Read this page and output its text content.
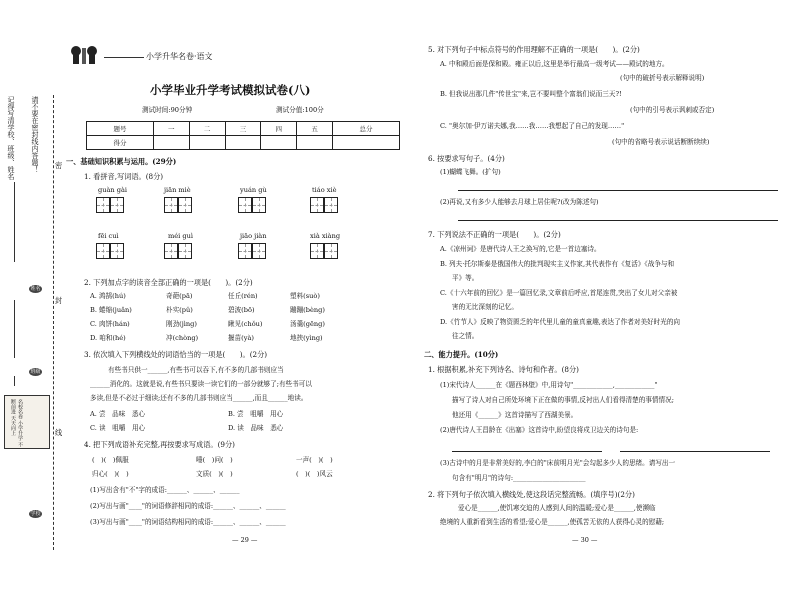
请不要在密封线内答题！
记得写清学校、班级、姓名
姓名
班级
名校名卷 小学升学 不断前进 天天向上
学校
密
封
线
小学升华名卷·语文
小学毕业升学考试模拟试卷(八)
测试时间:90分钟	测试分值:100分
题号	一	二	三	四	五	总分
得分						
一、基础知识积累与运用。(29分)
1. 看拼音,写词语。(8分)
guàn gài	jiān miè	yuán gù	tiáo xiè
fēi cuì	méi guì	jiāo jiàn	xià xiàng
2. 下列加点字的读音全部正确的一项是(　　)。(2分)
A. 鸿鹄(hú)	奇葩(pā)	任丘(rén)	塑料(suò)
B. 蜷缩(juǎn)	朴实(pǔ)	碧波(bō)	蹦蹦(bèng)
C. 肉饼(hán)	刚劲(jìng)	瞅见(chǒu)	汤羹(gēng)
D. 咱和(hé)	冲(chòng)	揠苗(yà)	地挟(yìng)
3. 依次填入下列横线处的词语恰当的一项是(　　)。(2分)
有些书只供一______,有些书可以吞下,有不多的几部书则应当
______消化的。这就是说,有些书只要读一读它们的一部分就够了;有些书可以
多读,但是不必过于细读;还有不多的几部书则应当______,而且______地读。
A. 尝　品味　悉心	B. 尝　咀嚼　用心
C. 读　咀嚼　用心	D. 读　品味　悉心
4. 把下列成语补充完整,再按要求写成语。(9分)
(　)(　)佩服	唾(　)问(　)	一声(　)(　)
归心(　)(　)	文质(　)(　)	(　)(　)风云
(1)写出含有"不"字的成语:______、______、______
(2)写出与画"____"的词语修辞相同的成语:______、______、______
(3)写出与画"____"的词语结构相同的成语:______、______、______
— 29 —
5. 对下列句子中标点符号的作用理解不正确的一项是(　　)。(2分)
A. 中和殿后面是保和殿。雍正以后,这里是举行最高一级考试——殿试的地方。
(句中的破折号表示解释说明)
B. 但我说出那几件"传世宝"来,岂不要叫整个富翁们说而三天?!
(句中的引号表示讽刺或否定)
C. "奥尔加·伊万诺夫娜,我……我……我想起了自己的发现……"
(句中的省略号表示说话断断续续)
6. 按要求写句子。(4分)
(1)蝴蝶飞舞。(扩句)
(2)再说,又有多少人能够去月球上居住呢?(改为陈述句)
7. 下列说法不正确的一项是(　　)。(2分)
A.《凉州词》是唐代诗人王之涣写的,它是一首边塞诗。
B. 列夫·托尔斯泰是俄国伟大的批判现实主义作家,其代表作有《复活》《战争与和
平》等。
C.《十六年前的回忆》是一篇回忆录,文章前后呼应,首尾连贯,突出了女儿对父亲被
害的无比深刻的记忆。
D.《竹节人》反映了物资匮乏的年代里儿童的童真童趣,表达了作者对美好时光的向
往之情。
二、能力提升。(10分)
1. 根据积累,补充下列诗名、诗句和作者。(8分)
(1)宋代诗人______在《题西林壁》中,用诗句"____________,____________"
描写了诗人对自己所处环境下正在做的事情,反衬出人们看得清楚的事情情况;
他还用《______》这首诗描写了西湖美景。
(2)唐代诗人王昌龄在《出塞》这首诗中,盼望良将戍卫边关的诗句是:
(3)古诗中的月是非常美好的,李白的"床前明月光"会勾起多少人的思绪。请写出一
句含有"明月"的诗句:______________________
2. 将下列句子依次填入横线处,使这段话完整流畅。(填序号)(2分)
爱心是______,使饥寒交迫的人感到人间的温暖;爱心是______,使濒临
绝境的人重新看到生活的希望;爱心是______,使孤苦无依的人获得心灵的慰藉;
— 30 —
